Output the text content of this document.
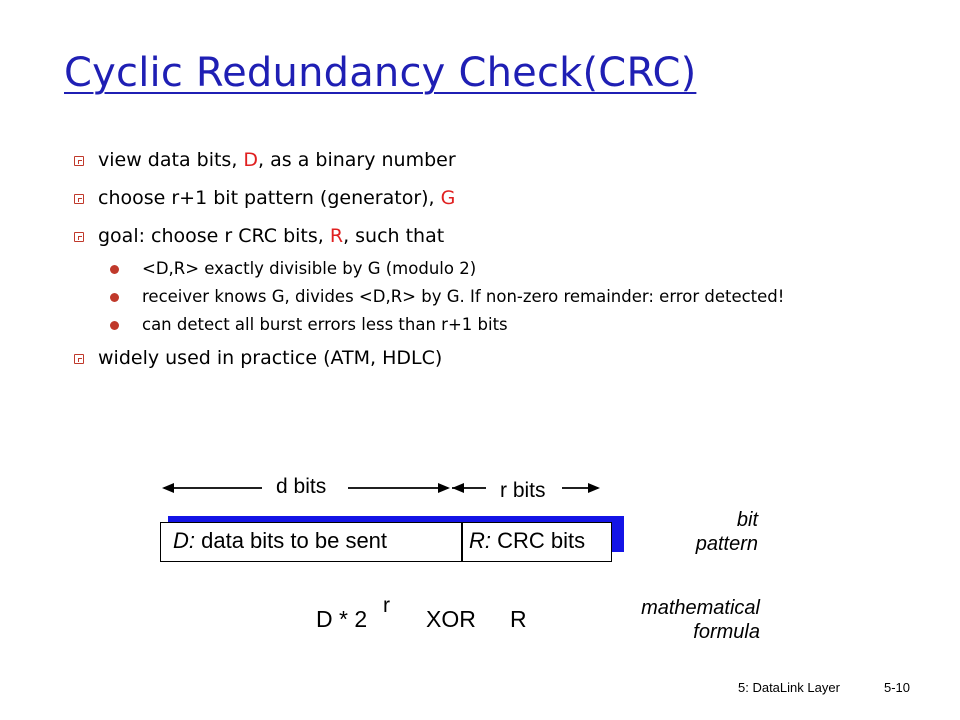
Cyclic Redundancy Check(CRC)
view data bits, D, as a binary number
choose r+1 bit pattern (generator), G
goal: choose r CRC bits, R, such that
<D,R> exactly divisible by G (modulo 2)
receiver knows G, divides <D,R> by G. If non-zero remainder: error detected!
can detect all burst errors less than r+1 bits
widely used in practice (ATM, HDLC)
d bits	r bits
D: data bits to be sent	R: CRC bits
bit
pattern
D * 2
r
XOR R	mathematical
formula
5: DataLink Layer	5-10
